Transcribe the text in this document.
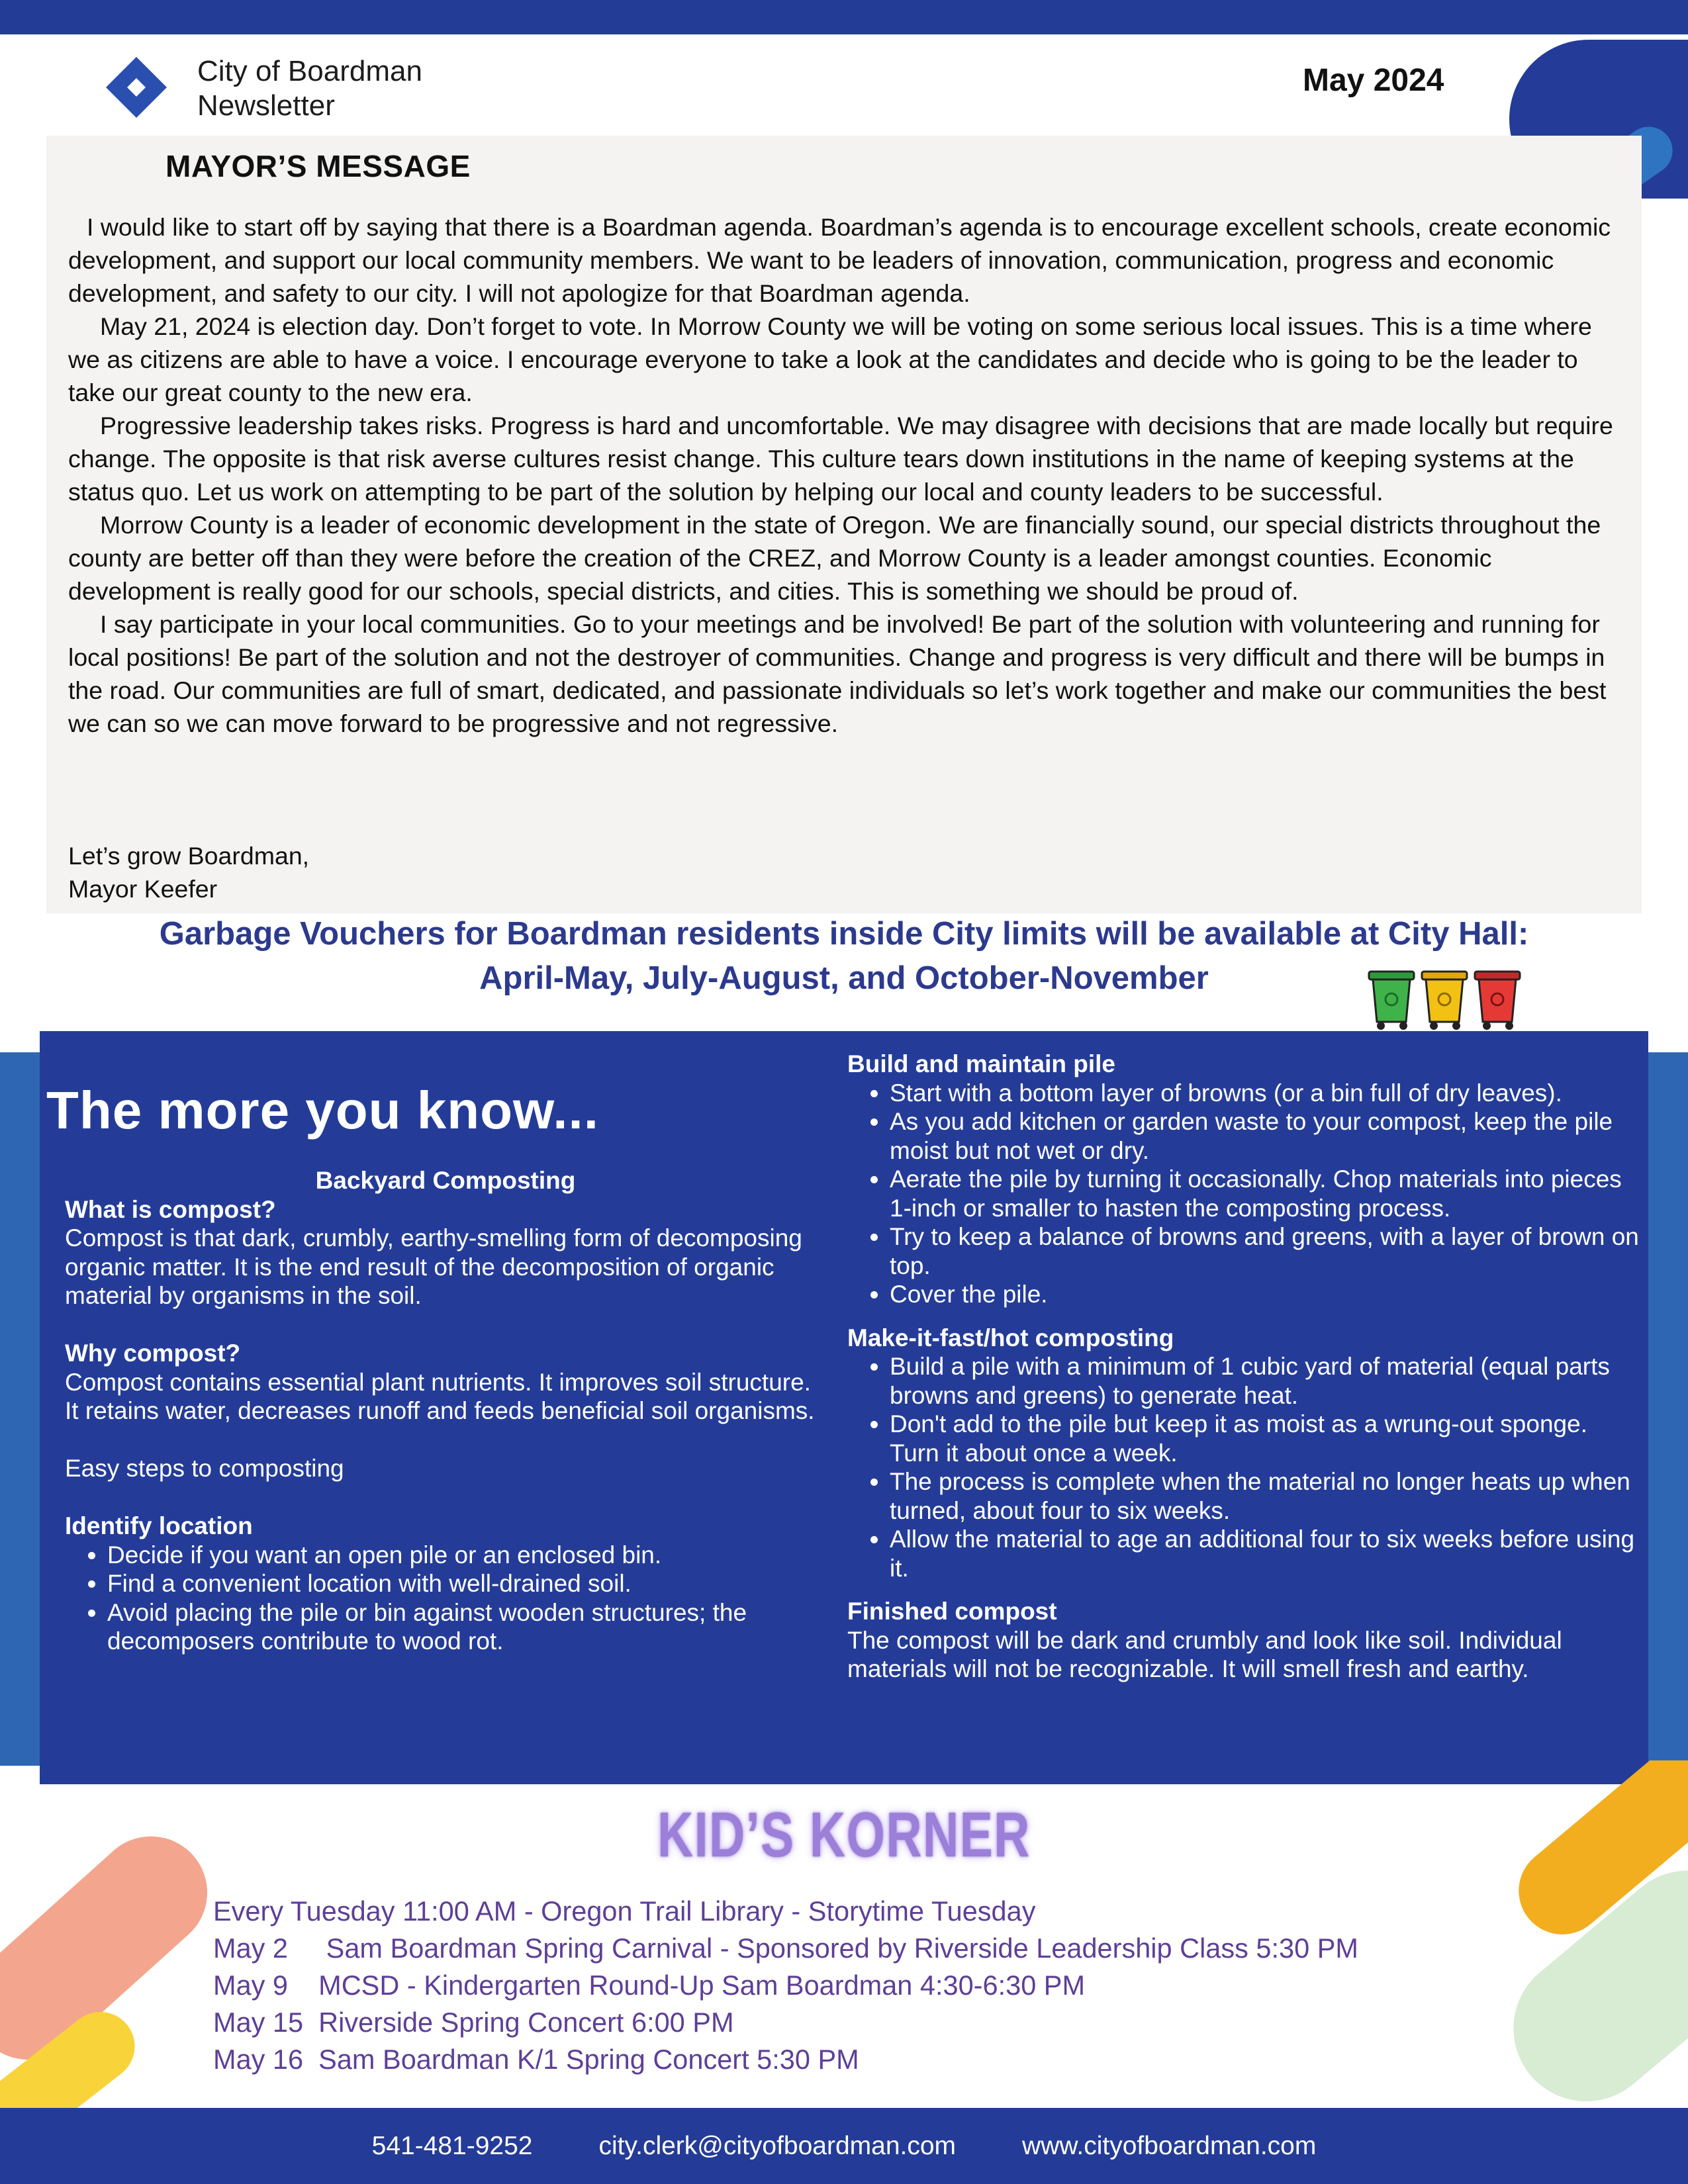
City of Boardman
Newsletter
May 2024
MAYOR’S MESSAGE

I would like to start off by saying that there is a Boardman agenda. Boardman’s agenda is to encourage excellent schools, create economic development, and support our local community members. We want to be leaders of innovation, communication, progress and economic development, and safety to our city. I will not apologize for that Boardman agenda.

May 21, 2024 is election day. Don’t forget to vote. In Morrow County we will be voting on some serious local issues. This is a time where we as citizens are able to have a voice. I encourage everyone to take a look at the candidates and decide who is going to be the leader to take our great county to the new era.

Progressive leadership takes risks. Progress is hard and uncomfortable. We may disagree with decisions that are made locally but require change. The opposite is that risk averse cultures resist change. This culture tears down institutions in the name of keeping systems at the status quo. Let us work on attempting to be part of the solution by helping our local and county leaders to be successful.

Morrow County is a leader of economic development in the state of Oregon. We are financially sound, our special districts throughout the county are better off than they were before the creation of the CREZ, and Morrow County is a leader amongst counties. Economic development is really good for our schools, special districts, and cities. This is something we should be proud of.

I say participate in your local communities. Go to your meetings and be involved! Be part of the solution with volunteering and running for local positions! Be part of the solution and not the destroyer of communities. Change and progress is very difficult and there will be bumps in the road. Our communities are full of smart, dedicated, and passionate individuals so let’s work together and make our communities the best we can so we can move forward to be progressive and not regressive.

Let’s grow Boardman,
Mayor Keefer
Garbage Vouchers for Boardman residents inside City limits will be available at City Hall:
April-May, July-August, and October-November
The more you know...
Backyard Composting
What is compost?

Compost is that dark, crumbly, earthy-smelling form of decomposing organic matter. It is the end result of the decomposition of organic material by organisms in the soil.

Why compost?

Compost contains essential plant nutrients. It improves soil structure. It retains water, decreases runoff and feeds beneficial soil organisms.

Easy steps to composting

Identify location
• Decide if you want an open pile or an enclosed bin.
• Find a convenient location with well-drained soil.
• Avoid placing the pile or bin against wooden structures; the decomposers contribute to wood rot.
Build and maintain pile
• Start with a bottom layer of browns (or a bin full of dry leaves).
• As you add kitchen or garden waste to your compost, keep the pile moist but not wet or dry.
• Aerate the pile by turning it occasionally. Chop materials into pieces 1-inch or smaller to hasten the composting process.
• Try to keep a balance of browns and greens, with a layer of brown on top.
• Cover the pile.
Make-it-fast/hot composting
• Build a pile with a minimum of 1 cubic yard of material (equal parts browns and greens) to generate heat.
• Don't add to the pile but keep it as moist as a wrung-out sponge. Turn it about once a week.
• The process is complete when the material no longer heats up when turned, about four to six weeks.
• Allow the material to age an additional four to six weeks before using it.
Finished compost

The compost will be dark and crumbly and look like soil. Individual materials will not be recognizable. It will smell fresh and earthy.

KID’S KORNER
Every Tuesday 11:00 AM - Oregon Trail Library - Storytime Tuesday
May 2     Sam Boardman Spring Carnival - Sponsored by Riverside Leadership Class 5:30 PM
May 9    MCSD - Kindergarten Round-Up Sam Boardman 4:30-6:30 PM
May 15  Riverside Spring Concert 6:00 PM
May 16  Sam Boardman K/1 Spring Concert 5:30 PM
541-481-9252	city.clerk@cityofboardman.com	www.cityofboardman.com
